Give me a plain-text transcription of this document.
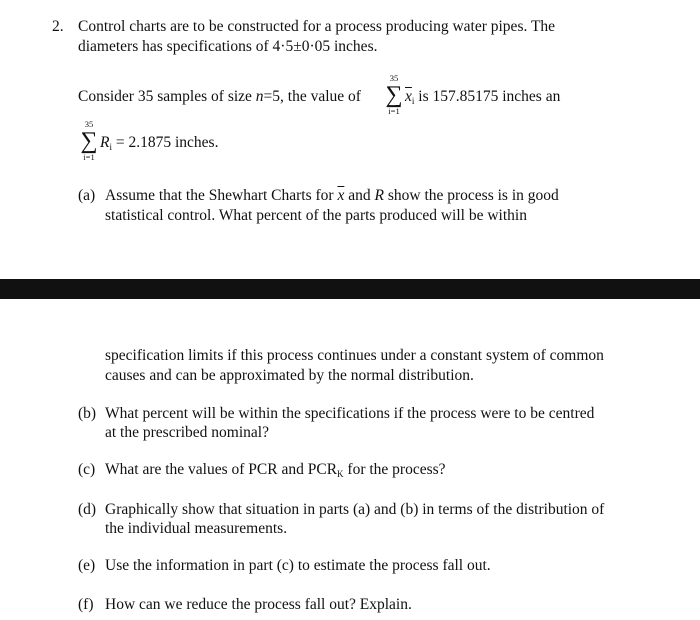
2. Control charts are to be constructed for a process producing water pipes. The
diameters has specifications of 4·5±0·05 inches.
Consider 35 samples of size n=5, the value of
35
∑
i=1
$\overline{x}_i$ is 157.85175 inches an
35
∑
i=1
$R_i = 2.1875$ inches.
(a) Assume that the Shewhart Charts for $\overline{x}$ and R show the process is in good
statistical control. What percent of the parts produced will be within
specification limits if this process continues under a constant system of common
causes and can be approximated by the normal distribution.
(b) What percent will be within the specifications if the process were to be centred
at the prescribed nominal?
(c) What are the values of PCR and $PCR_K$ for the process?
(d) Graphically show that situation in parts (a) and (b) in terms of the distribution of
the individual measurements.
(e) Use the information in part (c) to estimate the process fall out.
(f) How can we reduce the process fall out? Explain.
